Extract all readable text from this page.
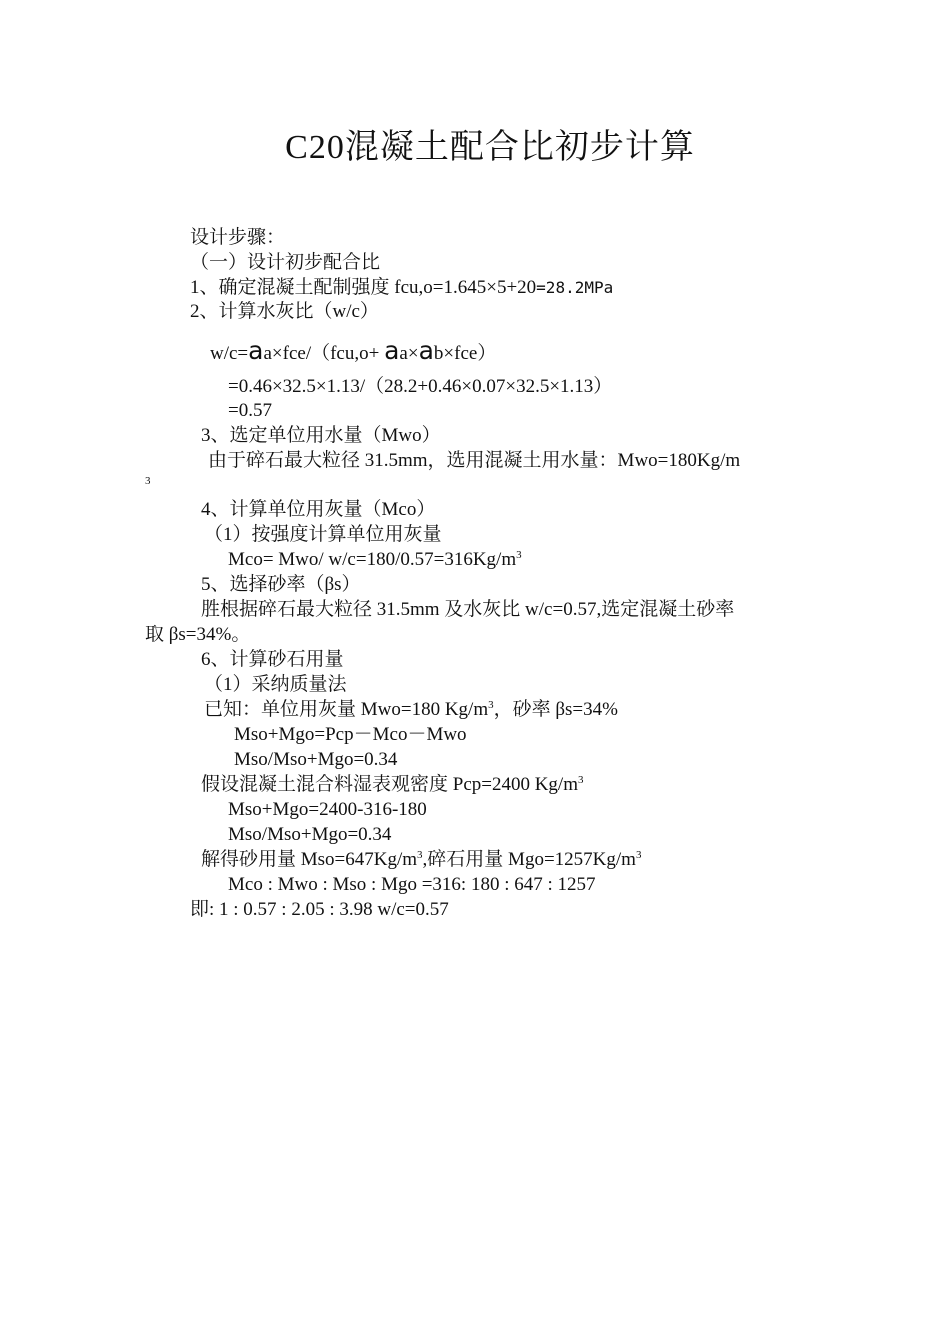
C20混凝土配合比初步计算
设计步骤：
（一）设计初步配合比
1、确定混凝土配制强度 fcu,o=1.645×5+20=28.2MPa
2、计算水灰比（w/c）
w/c=aa×fce/（fcu,o+ aa×ab×fce）
=0.46×32.5×1.13/（28.2+0.46×0.07×32.5×1.13）
=0.57
3、选定单位用水量（Mwo）
由于碎石最大粒径 31.5mm，选用混凝土用水量：Mwo=180Kg/m
3
4、计算单位用灰量（Mco）
（1）按强度计算单位用灰量
Mco= Mwo/ $w/c=180/0.57=316Kg/m^3$
5、选择砂率（βs）
胜根据碎石最大粒径 31.5mm 及水灰比 w/c=0.57,选定混凝土砂率
取 βs=34%。
6、计算砂石用量
（1）采纳质量法
已知：单位用灰量 Mwo=180 $Kg/m^3$，砂率 βs=34%
Mso+Mgo=Pcp－Mco－Mwo
Mso/Mso+Mgo=0.34
假设混凝土混合料湿表观密度 Pcp=2400 $Kg/m^3$
Mso+Mgo=2400-316-180
Mso/Mso+Mgo=0.34
解得砂用量 $Mso=647Kg/m^3$,碎石用量 $Mgo=1257Kg/m^3$
Mco : Mwo : Mso : Mgo =316: 180 : 647 : 1257
即: 1 : 0.57 : 2.05 : 3.98 w/c=0.57
